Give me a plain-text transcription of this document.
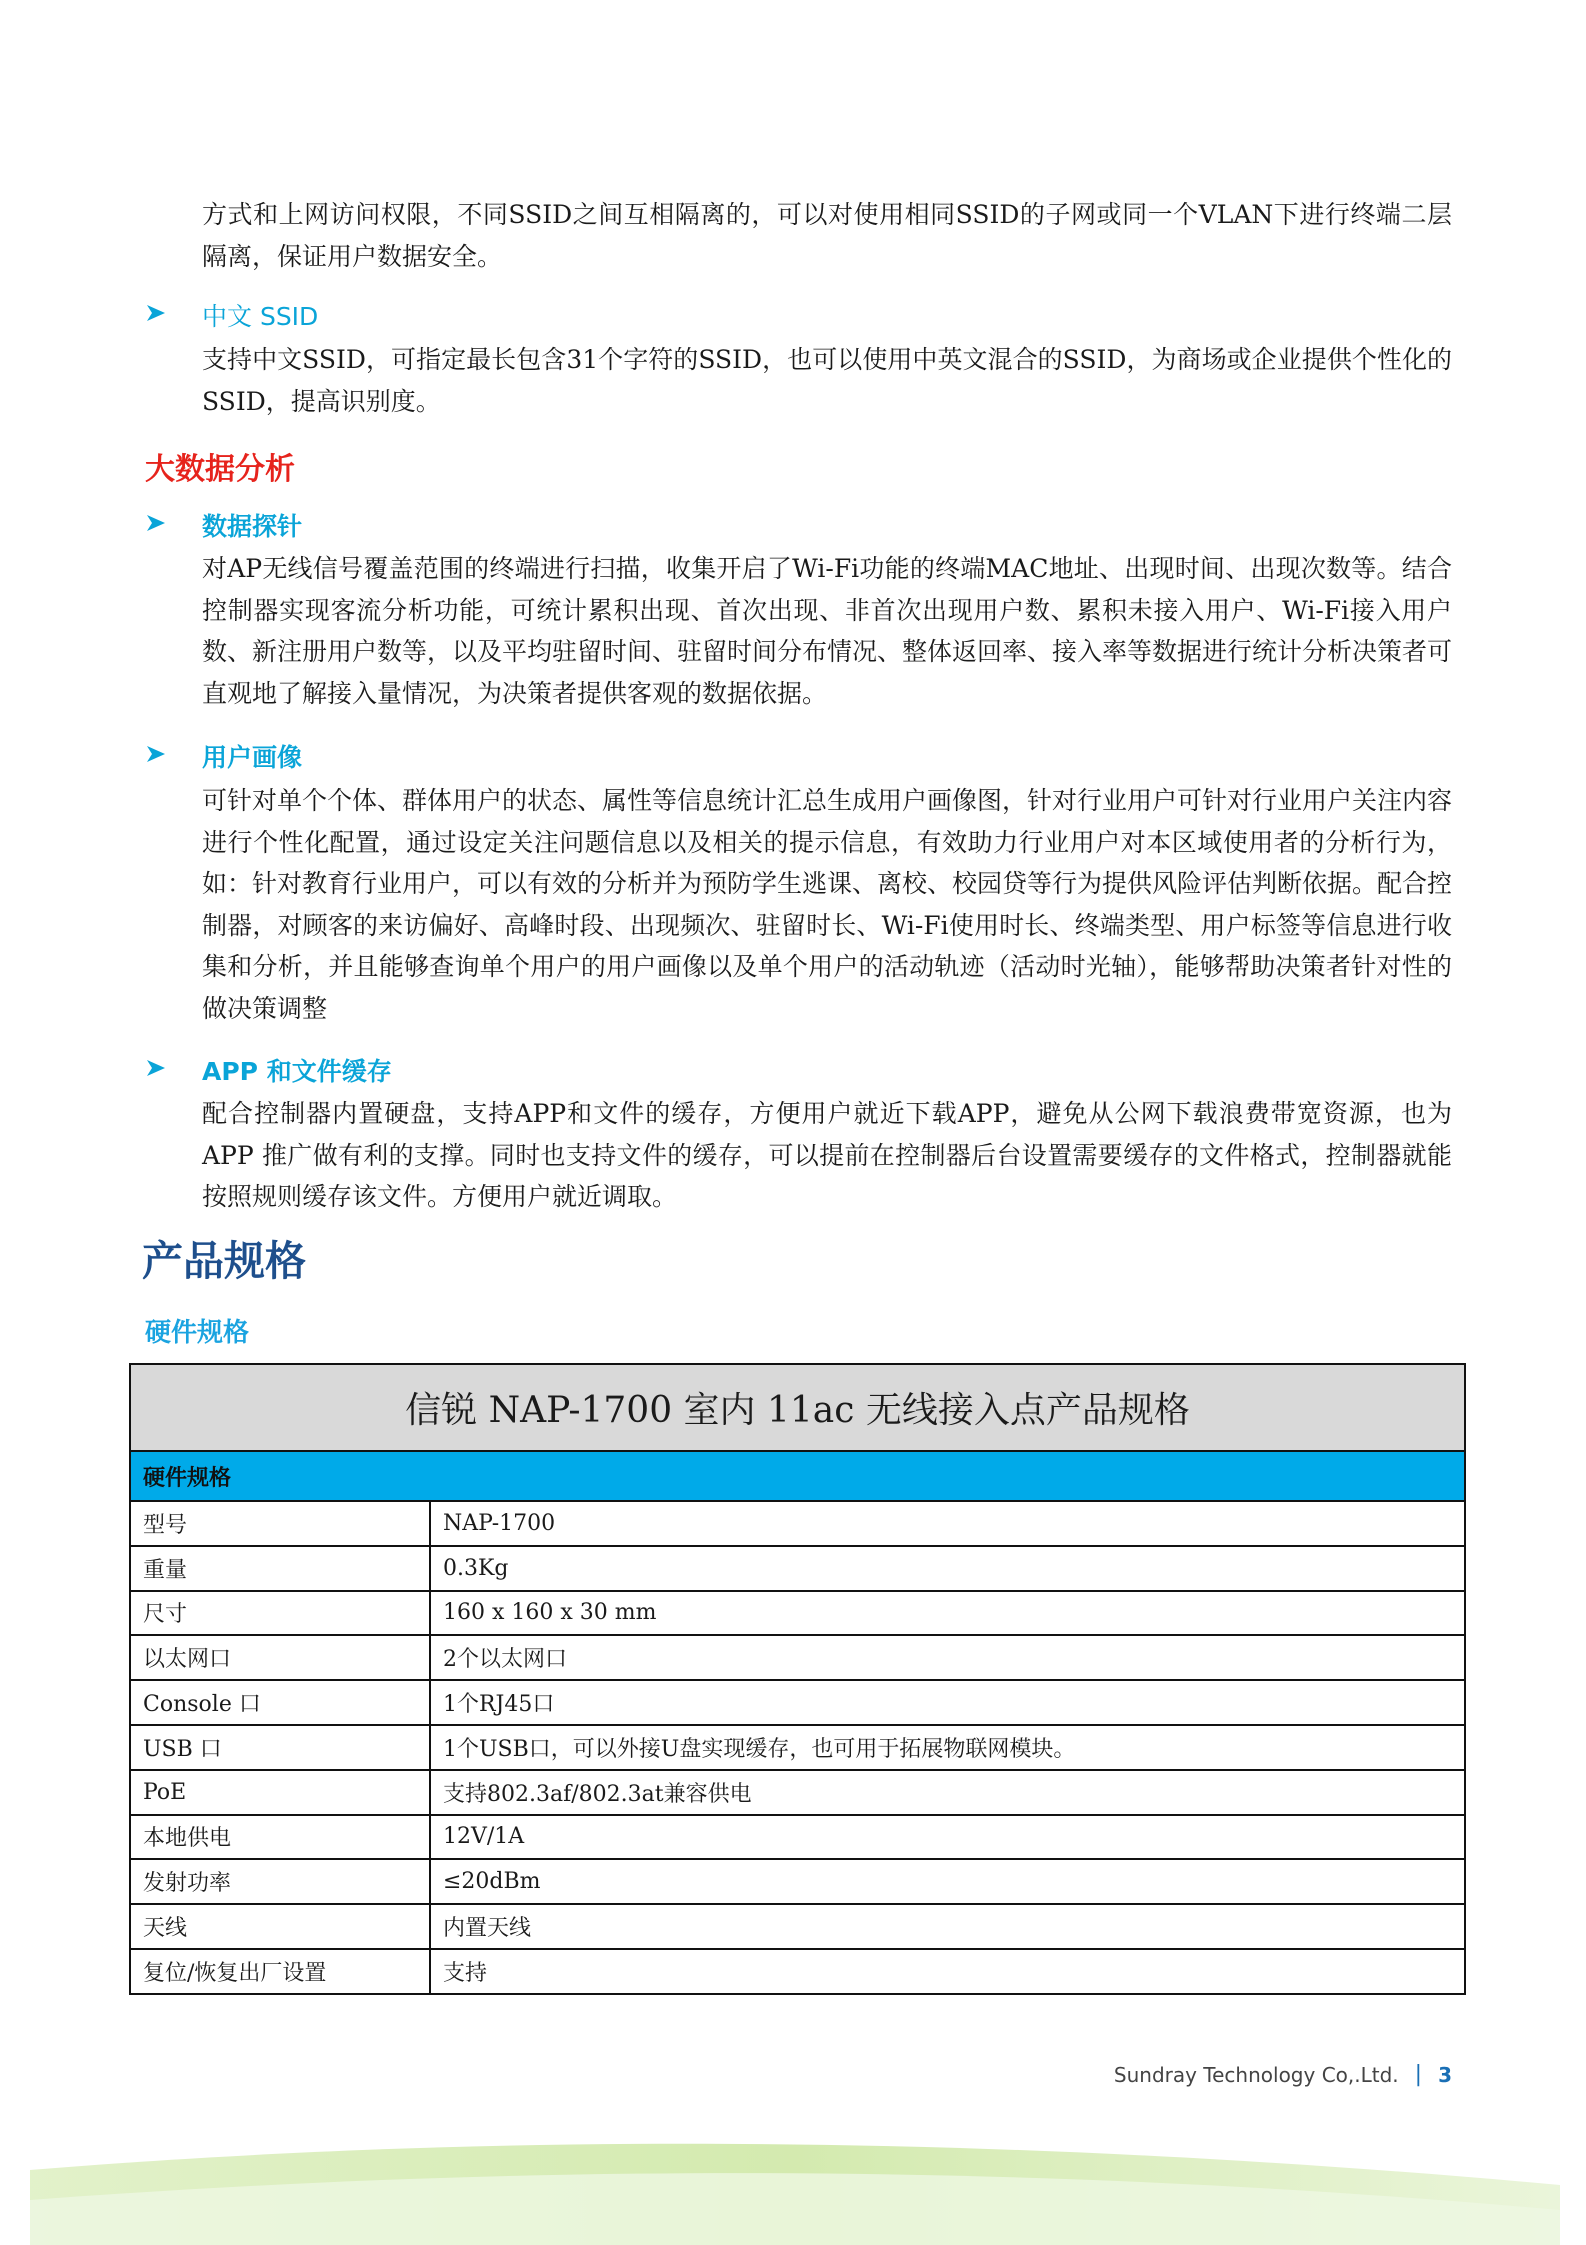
方式和上网访问权限，不同SSID之间互相隔离的，可以对使用相同SSID的子网或同一个VLAN下进行终端二层隔离，保证用户数据安全。
中文 SSID
支持中文SSID，可指定最长包含31个字符的SSID，也可以使用中英文混合的SSID，为商场或企业提供个性化的SSID，提高识别度。
大数据分析
数据探针
对AP无线信号覆盖范围的终端进行扫描，收集开启了Wi-Fi功能的终端MAC地址、出现时间、出现次数等。结合控制器实现客流分析功能，可统计累积出现、首次出现、非首次出现用户数、累积未接入用户、Wi-Fi接入用户数、新注册用户数等，以及平均驻留时间、驻留时间分布情况、整体返回率、接入率等数据进行统计分析决策者可直观地了解接入量情况，为决策者提供客观的数据依据。
用户画像
可针对单个个体、群体用户的状态、属性等信息统计汇总生成用户画像图，针对行业用户可针对行业用户关注内容进行个性化配置，通过设定关注问题信息以及相关的提示信息，有效助力行业用户对本区域使用者的分析行为，如：针对教育行业用户，可以有效的分析并为预防学生逃课、离校、校园贷等行为提供风险评估判断依据。配合控制器，对顾客的来访偏好、高峰时段、出现频次、驻留时长、Wi-Fi使用时长、终端类型、用户标签等信息进行收集和分析，并且能够查询单个用户的用户画像以及单个用户的活动轨迹（活动时光轴），能够帮助决策者针对性的做决策调整
APP 和文件缓存
配合控制器内置硬盘，支持APP和文件的缓存，方便用户就近下载APP，避免从公网下载浪费带宽资源，也为 APP 推广做有利的支撑。同时也支持文件的缓存，可以提前在控制器后台设置需要缓存的文件格式，控制器就能按照规则缓存该文件。方便用户就近调取。
产品规格
硬件规格
信锐 NAP-1700 室内 11ac 无线接入点产品规格	
硬件规格	
型号	NAP-1700
重量	0.3Kg
尺寸	160 x 160 x 30 mm
以太网口	2个以太网口
Console 口	1个RJ45口
USB 口	1个USB口，可以外接U盘实现缓存，也可用于拓展物联网模块。
PoE	支持802.3af/802.3at兼容供电
本地供电	12V/1A
发射功率	≤20dBm
天线	内置天线
复位/恢复出厂设置	支持
Sundray Technology Co,.Ltd. | 3
